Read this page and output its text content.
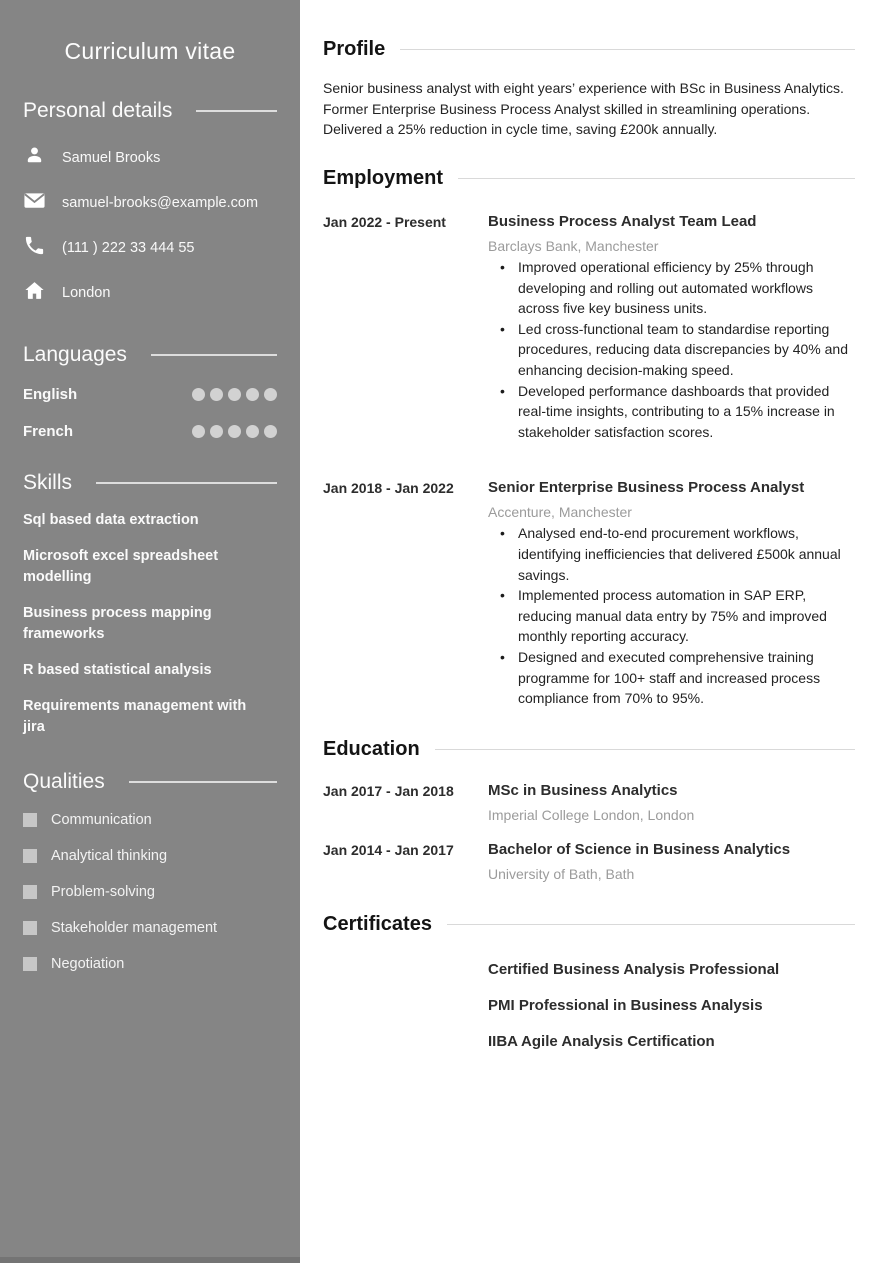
Curriculum vitae
Personal details
Samuel Brooks
samuel-brooks@example.com
(111 ) 222 33 444 55
London
Languages
English
French
Skills
Sql based data extraction
Microsoft excel spreadsheet modelling
Business process mapping frameworks
R based statistical analysis
Requirements management with jira
Qualities
Communication
Analytical thinking
Problem-solving
Stakeholder management
Negotiation
Profile

Senior business analyst with eight years’ experience with BSc in Business Analytics. Former Enterprise Business Process Analyst skilled in streamlining operations. Delivered a 25% reduction in cycle time, saving £200k annually.

Employment
Jan 2022 - Present	Business Process Analyst Team Lead
Barclays Bank, Manchester
• Improved operational efficiency by 25% through developing and rolling out automated workflows across five key business units.
• Led cross-functional team to standardise reporting procedures, reducing data discrepancies by 40% and enhancing decision-making speed.
• Developed performance dashboards that provided real-time insights, contributing to a 15% increase in stakeholder satisfaction scores.
Jan 2018 - Jan 2022	Senior Enterprise Business Process Analyst
Accenture, Manchester
• Analysed end-to-end procurement workflows, identifying inefficiencies that delivered £500k annual savings.
• Implemented process automation in SAP ERP, reducing manual data entry by 75% and improved monthly reporting accuracy.
• Designed and executed comprehensive training programme for 100+ staff and increased process compliance from 70% to 95%.
Education
Jan 2017 - Jan 2018	MSc in Business Analytics
Imperial College London, London
Jan 2014 - Jan 2017	Bachelor of Science in Business Analytics
University of Bath, Bath
Certificates
Certified Business Analysis Professional
PMI Professional in Business Analysis
IIBA Agile Analysis Certification
